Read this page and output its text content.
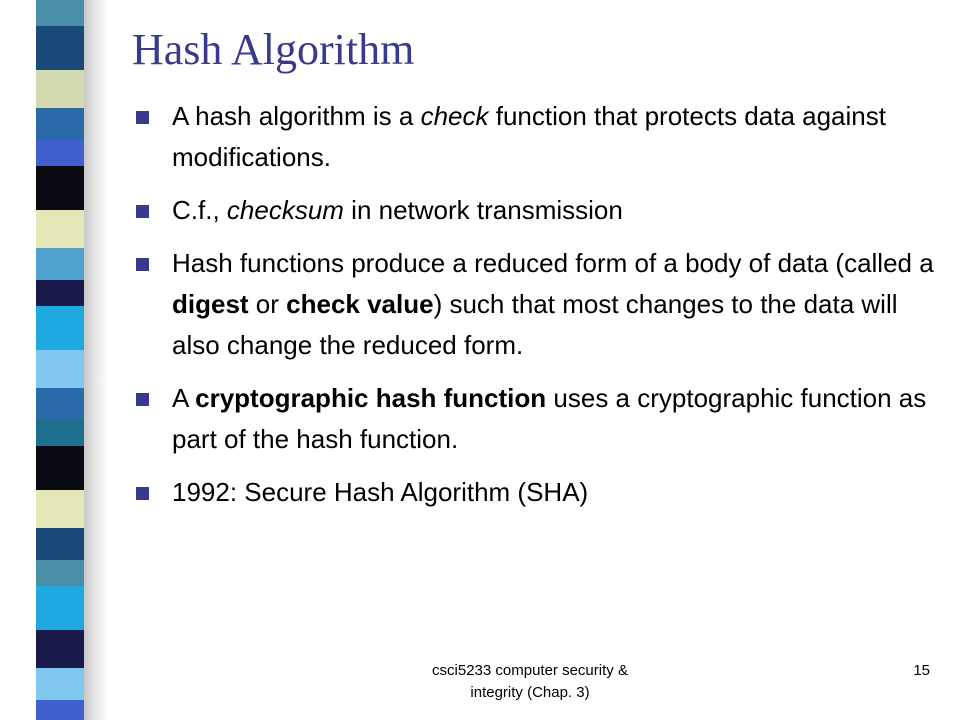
Hash Algorithm
A hash algorithm is a check function that protects data against modifications.
C.f., checksum in network transmission
Hash functions produce a reduced form of a body of data (called a digest or check value) such that most changes to the data will also change the reduced form.
A cryptographic hash function uses a cryptographic function as part of the hash function.
1992: Secure Hash Algorithm (SHA)
csci5233 computer security &
integrity (Chap. 3)
15
